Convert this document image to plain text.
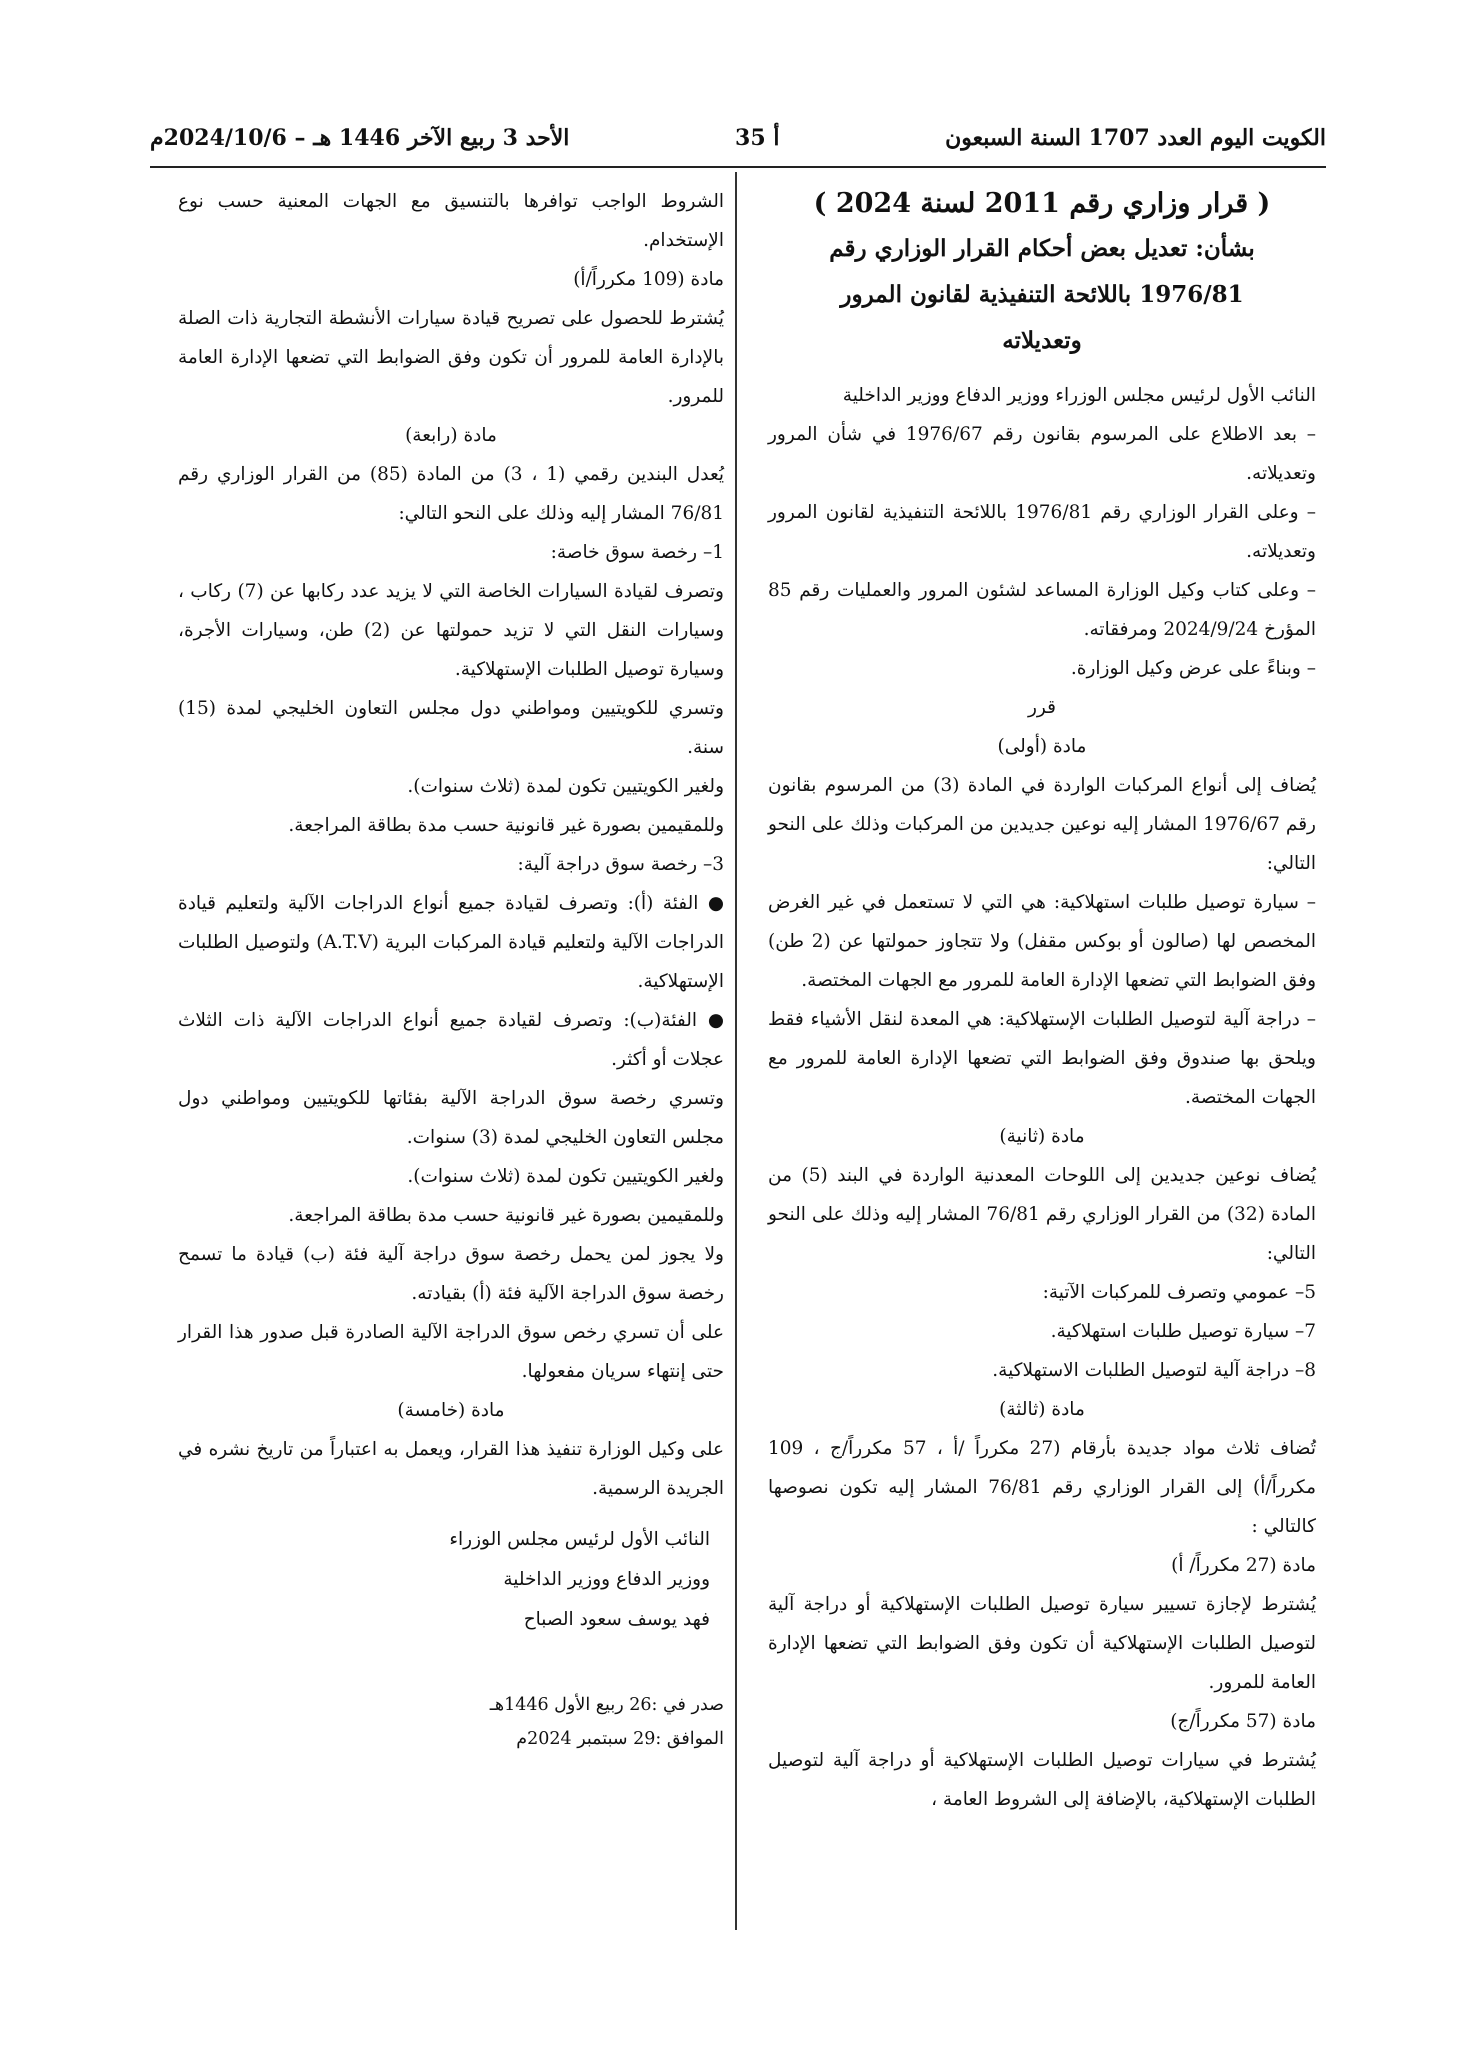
الكويت اليوم العدد 1707 السنة السبعون
أ 35
الأحد 3 ربيع الآخر 1446 هـ – 2024/10/6م

( قرار وزاري رقم 2011 لسنة 2024 )

بشأن: تعديل بعض أحكام القرار الوزاري رقم

1976/81 باللائحة التنفيذية لقانون المرور

وتعديلاته

النائب الأول لرئيس مجلس الوزراء ووزير الدفاع ووزير الداخلية

– بعد الاطلاع على المرسوم بقانون رقم 1976/67 في شأن المرور وتعديلاته.

– وعلى القرار الوزاري رقم 1976/81 باللائحة التنفيذية لقانون المرور وتعديلاته.

– وعلى كتاب وكيل الوزارة المساعد لشئون المرور والعمليات رقم 85 المؤرخ 2024/9/24 ومرفقاته.

– وبناءً على عرض وكيل الوزارة.

قرر

مادة (أولى)

يُضاف إلى أنواع المركبات الواردة في المادة (3) من المرسوم بقانون رقم 1976/67 المشار إليه نوعين جديدين من المركبات وذلك على النحو التالي:

– سيارة توصيل طلبات استهلاكية: هي التي لا تستعمل في غير الغرض المخصص لها (صالون أو بوكس مقفل) ولا تتجاوز حمولتها عن (2 طن) وفق الضوابط التي تضعها الإدارة العامة للمرور مع الجهات المختصة.

– دراجة آلية لتوصيل الطلبات الإستهلاكية: هي المعدة لنقل الأشياء فقط ويلحق بها صندوق وفق الضوابط التي تضعها الإدارة العامة للمرور مع الجهات المختصة.

مادة (ثانية)

يُضاف نوعين جديدين إلى اللوحات المعدنية الواردة في البند (5) من المادة (32) من القرار الوزاري رقم 76/81 المشار إليه وذلك على النحو التالي:

5– عمومي وتصرف للمركبات الآتية:

7– سيارة توصيل طلبات استهلاكية.

8– دراجة آلية لتوصيل الطلبات الاستهلاكية.

مادة (ثالثة)

تُضاف ثلاث مواد جديدة بأرقام (27 مكرراً /أ ، 57 مكرراً/ج ، 109 مكرراً/أ) إلى القرار الوزاري رقم 76/81 المشار إليه تكون نصوصها كالتالي :

مادة (27 مكرراً/ أ)

يُشترط لإجازة تسيير سيارة توصيل الطلبات الإستهلاكية أو دراجة آلية لتوصيل الطلبات الإستهلاكية أن تكون وفق الضوابط التي تضعها الإدارة العامة للمرور.

مادة (57 مكرراً/ج)

يُشترط في سيارات توصيل الطلبات الإستهلاكية أو دراجة آلية لتوصيل الطلبات الإستهلاكية، بالإضافة إلى الشروط العامة ،

الشروط الواجب توافرها بالتنسيق مع الجهات المعنية حسب نوع الإستخدام.

مادة (109 مكرراً/أ)

يُشترط للحصول على تصريح قيادة سيارات الأنشطة التجارية ذات الصلة بالإدارة العامة للمرور أن تكون وفق الضوابط التي تضعها الإدارة العامة للمرور.

مادة (رابعة)

يُعدل البندين رقمي (1 ، 3) من المادة (85) من القرار الوزاري رقم 76/81 المشار إليه وذلك على النحو التالي:

1– رخصة سوق خاصة:

وتصرف لقيادة السيارات الخاصة التي لا يزيد عدد ركابها عن (7) ركاب ، وسيارات النقل التي لا تزيد حمولتها عن (2) طن، وسيارات الأجرة، وسيارة توصيل الطلبات الإستهلاكية.

وتسري للكويتيين ومواطني دول مجلس التعاون الخليجي لمدة (15) سنة.

ولغير الكويتيين تكون لمدة (ثلاث سنوات).

وللمقيمين بصورة غير قانونية حسب مدة بطاقة المراجعة.

3– رخصة سوق دراجة آلية:

● الفئة (أ): وتصرف لقيادة جميع أنواع الدراجات الآلية ولتعليم قيادة الدراجات الآلية ولتعليم قيادة المركبات البرية (A.T.V) ولتوصيل الطلبات الإستهلاكية.

● الفئة(ب): وتصرف لقيادة جميع أنواع الدراجات الآلية ذات الثلاث عجلات أو أكثر.

وتسري رخصة سوق الدراجة الآلية بفئاتها للكويتيين ومواطني دول مجلس التعاون الخليجي لمدة (3) سنوات.

ولغير الكويتيين تكون لمدة (ثلاث سنوات).

وللمقيمين بصورة غير قانونية حسب مدة بطاقة المراجعة.

ولا يجوز لمن يحمل رخصة سوق دراجة آلية فئة (ب) قيادة ما تسمح رخصة سوق الدراجة الآلية فئة (أ) بقيادته.

على أن تسري رخص سوق الدراجة الآلية الصادرة قبل صدور هذا القرار حتى إنتهاء سريان مفعولها.

مادة (خامسة)

على وكيل الوزارة تنفيذ هذا القرار، ويعمل به اعتباراً من تاريخ نشره في الجريدة الرسمية.

النائب الأول لرئيس مجلس الوزراء

ووزير الدفاع ووزير الداخلية

فهد يوسف سعود الصباح

صدر في :26 ربيع الأول 1446هـ

الموافق :29 سبتمبر 2024م
